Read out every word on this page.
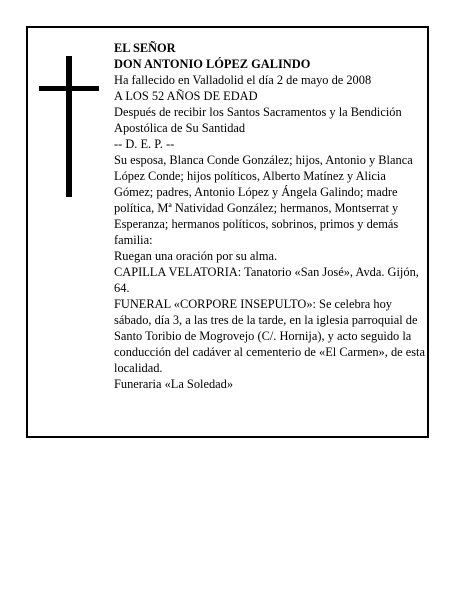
EL SEÑOR

DON ANTONIO LÓPEZ GALINDO

Ha fallecido en Valladolid el día 2 de mayo de 2008

A LOS 52 AÑOS DE EDAD

Después de recibir los Santos Sacramentos y la Bendición Apostólica de Su Santidad

-- D. E. P. --

Su esposa, Blanca Conde González; hijos, Antonio y Blanca López Conde; hijos políticos, Alberto Matínez y Alicia Gómez; padres, Antonio López y Ángela Galindo; madre política, Mª Natividad González; hermanos, Montserrat y Esperanza; hermanos políticos, sobrinos, primos y demás familia:

Ruegan una oración por su alma.

CAPILLA VELATORIA: Tanatorio «San José», Avda. Gijón, 64.

FUNERAL «CORPORE INSEPULTO»: Se celebra hoy sábado, día 3, a las tres de la tarde, en la iglesia parroquial de Santo Toribio de Mogrovejo (C/. Hornija), y acto seguido la conducción del cadáver al cementerio de «El Carmen», de esta localidad.

Funeraria «La Soledad»
